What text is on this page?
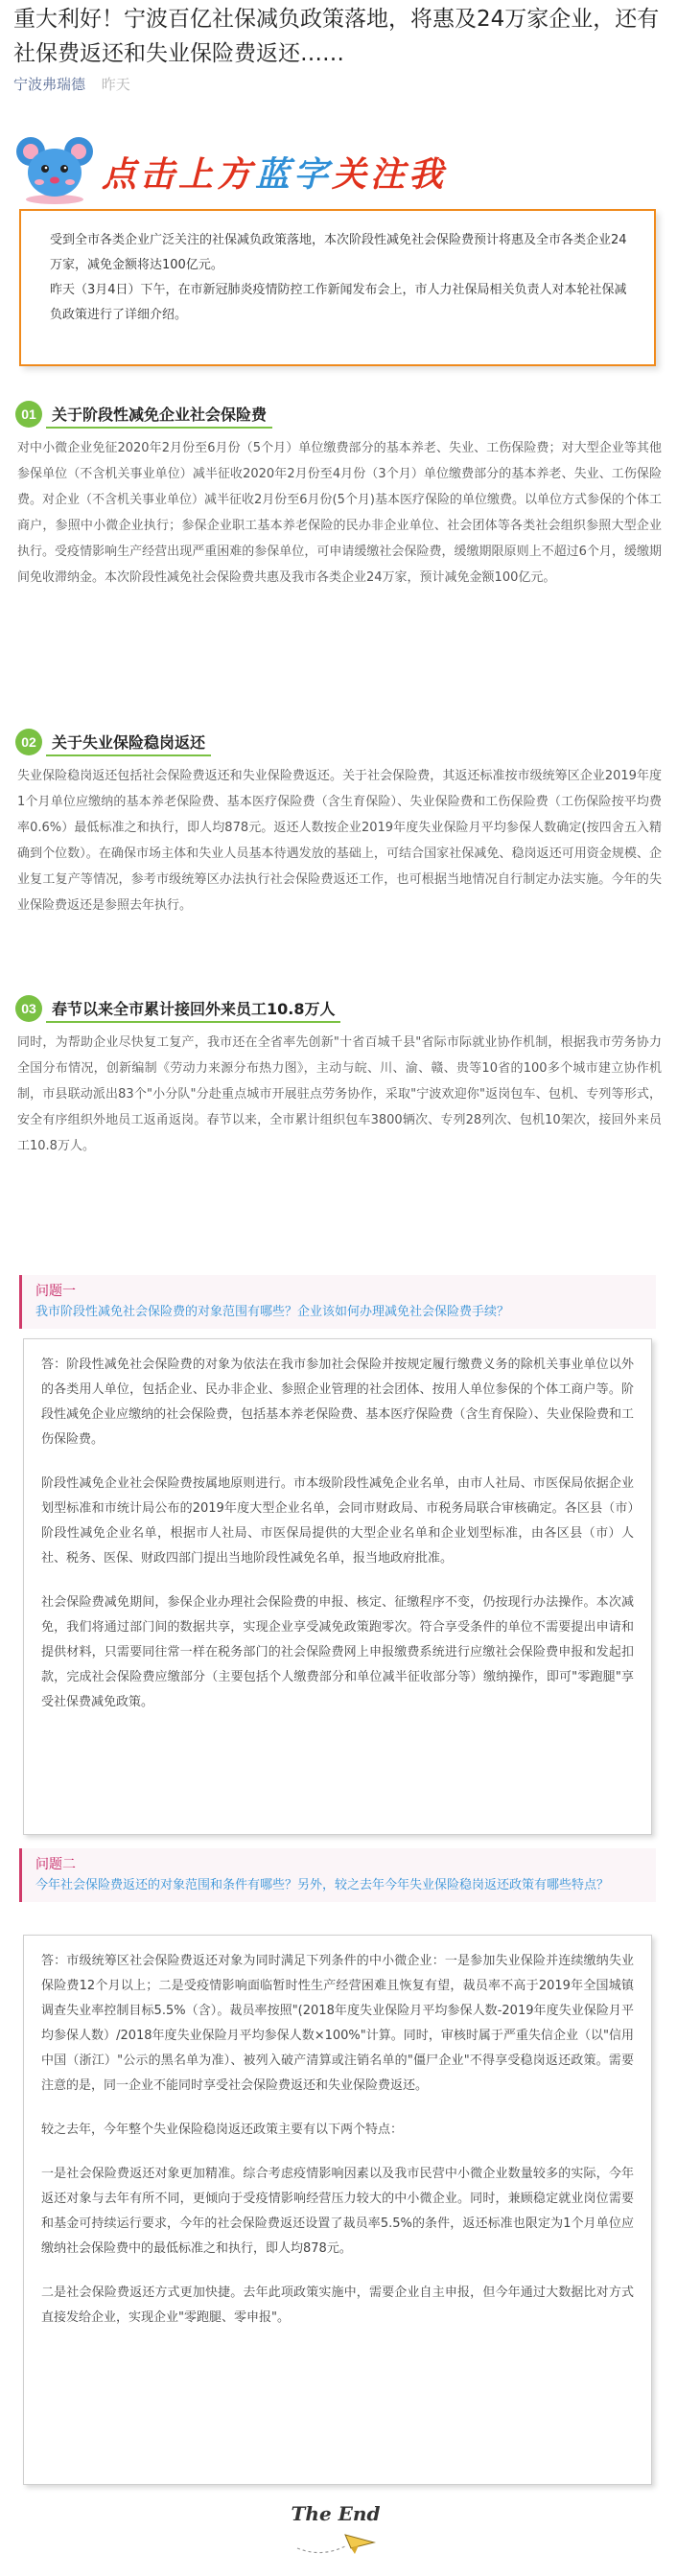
重大利好！宁波百亿社保减负政策落地，将惠及24万家企业，还有社保费返还和失业保险费返还……
宁波弗瑞德 昨天
点击上方蓝字关注我

受到全市各类企业广泛关注的社保减负政策落地，本次阶段性减免社会保险费预计将惠及全市各类企业24万家，减免金额将达100亿元。

昨天（3月4日）下午，在市新冠肺炎疫情防控工作新闻发布会上，市人力社保局相关负责人对本轮社保减负政策进行了详细介绍。

01	关于阶段性减免企业社会保险费

对中小微企业免征2020年2月份至6月份（5个月）单位缴费部分的基本养老、失业、工伤保险费；对大型企业等其他参保单位（不含机关事业单位）减半征收2020年2月份至4月份（3个月）单位缴费部分的基本养老、失业、工伤保险费。对企业（不含机关事业单位）减半征收2月份至6月份(5个月)基本医疗保险的单位缴费。以单位方式参保的个体工商户，参照中小微企业执行；参保企业职工基本养老保险的民办非企业单位、社会团体等各类社会组织参照大型企业执行。受疫情影响生产经营出现严重困难的参保单位，可申请缓缴社会保险费，缓缴期限原则上不超过6个月，缓缴期间免收滞纳金。本次阶段性减免社会保险费共惠及我市各类企业24万家，预计减免金额100亿元。

02	关于失业保险稳岗返还

失业保险稳岗返还包括社会保险费返还和失业保险费返还。关于社会保险费，其返还标准按市级统筹区企业2019年度1个月单位应缴纳的基本养老保险费、基本医疗保险费（含生育保险）、失业保险费和工伤保险费（工伤保险按平均费率0.6%）最低标准之和执行，即人均878元。返还人数按企业2019年度失业保险月平均参保人数确定(按四舍五入精确到个位数）。在确保市场主体和失业人员基本待遇发放的基础上，可结合国家社保减免、稳岗返还可用资金规模、企业复工复产等情况，参考市级统筹区办法执行社会保险费返还工作，也可根据当地情况自行制定办法实施。今年的失业保险费返还是参照去年执行。

03	春节以来全市累计接回外来员工10.8万人

同时，为帮助企业尽快复工复产，我市还在全省率先创新"十省百城千县"省际市际就业协作机制，根据我市劳务协力全国分布情况，创新编制《劳动力来源分布热力图》，主动与皖、川、渝、赣、贵等10省的100多个城市建立协作机制，市县联动派出83个"小分队"分赴重点城市开展驻点劳务协作，采取"宁波欢迎你"返岗包车、包机、专列等形式，安全有序组织外地员工返甬返岗。春节以来，全市累计组织包车3800辆次、专列28列次、包机10架次，接回外来员工10.8万人。

问题一
我市阶段性减免社会保险费的对象范围有哪些？企业该如何办理减免社会保险费手续？

答：阶段性减免社会保险费的对象为依法在我市参加社会保险并按规定履行缴费义务的除机关事业单位以外的各类用人单位，包括企业、民办非企业、参照企业管理的社会团体、按用人单位参保的个体工商户等。阶段性减免企业应缴纳的社会保险费，包括基本养老保险费、基本医疗保险费（含生育保险）、失业保险费和工伤保险费。

阶段性减免企业社会保险费按属地原则进行。市本级阶段性减免企业名单，由市人社局、市医保局依据企业划型标准和市统计局公布的2019年度大型企业名单，会同市财政局、市税务局联合审核确定。各区县（市）阶段性减免企业名单，根据市人社局、市医保局提供的大型企业名单和企业划型标准，由各区县（市）人社、税务、医保、财政四部门提出当地阶段性减免名单，报当地政府批准。

社会保险费减免期间，参保企业办理社会保险费的申报、核定、征缴程序不变，仍按现行办法操作。本次减免，我们将通过部门间的数据共享，实现企业享受减免政策跑零次。符合享受条件的单位不需要提出申请和提供材料，只需要同往常一样在税务部门的社会保险费网上申报缴费系统进行应缴社会保险费申报和发起扣款，完成社会保险费应缴部分（主要包括个人缴费部分和单位减半征收部分等）缴纳操作，即可"零跑腿"享受社保费减免政策。

问题二
今年社会保险费返还的对象范围和条件有哪些？另外，较之去年今年失业保险稳岗返还政策有哪些特点？

答：市级统筹区社会保险费返还对象为同时满足下列条件的中小微企业：一是参加失业保险并连续缴纳失业保险费12个月以上；二是受疫情影响面临暂时性生产经营困难且恢复有望，裁员率不高于2019年全国城镇调查失业率控制目标5.5%（含）。裁员率按照"(2018年度失业保险月平均参保人数-2019年度失业保险月平均参保人数）/2018年度失业保险月平均参保人数×100%"计算。同时，审核时属于严重失信企业（以"信用中国（浙江）"公示的黑名单为准）、被列入破产清算或注销名单的"僵尸企业"不得享受稳岗返还政策。需要注意的是，同一企业不能同时享受社会保险费返还和失业保险费返还。

较之去年，今年整个失业保险稳岗返还政策主要有以下两个特点：

一是社会保险费返还对象更加精准。综合考虑疫情影响因素以及我市民营中小微企业数量较多的实际，今年返还对象与去年有所不同，更倾向于受疫情影响经营压力较大的中小微企业。同时，兼顾稳定就业岗位需要和基金可持续运行要求，今年的社会保险费返还设置了裁员率5.5%的条件，返还标准也限定为1个月单位应缴纳社会保险费中的最低标准之和执行，即人均878元。

二是社会保险费返还方式更加快捷。去年此项政策实施中，需要企业自主申报，但今年通过大数据比对方式直接发给企业，实现企业"零跑腿、零申报"。

The End
